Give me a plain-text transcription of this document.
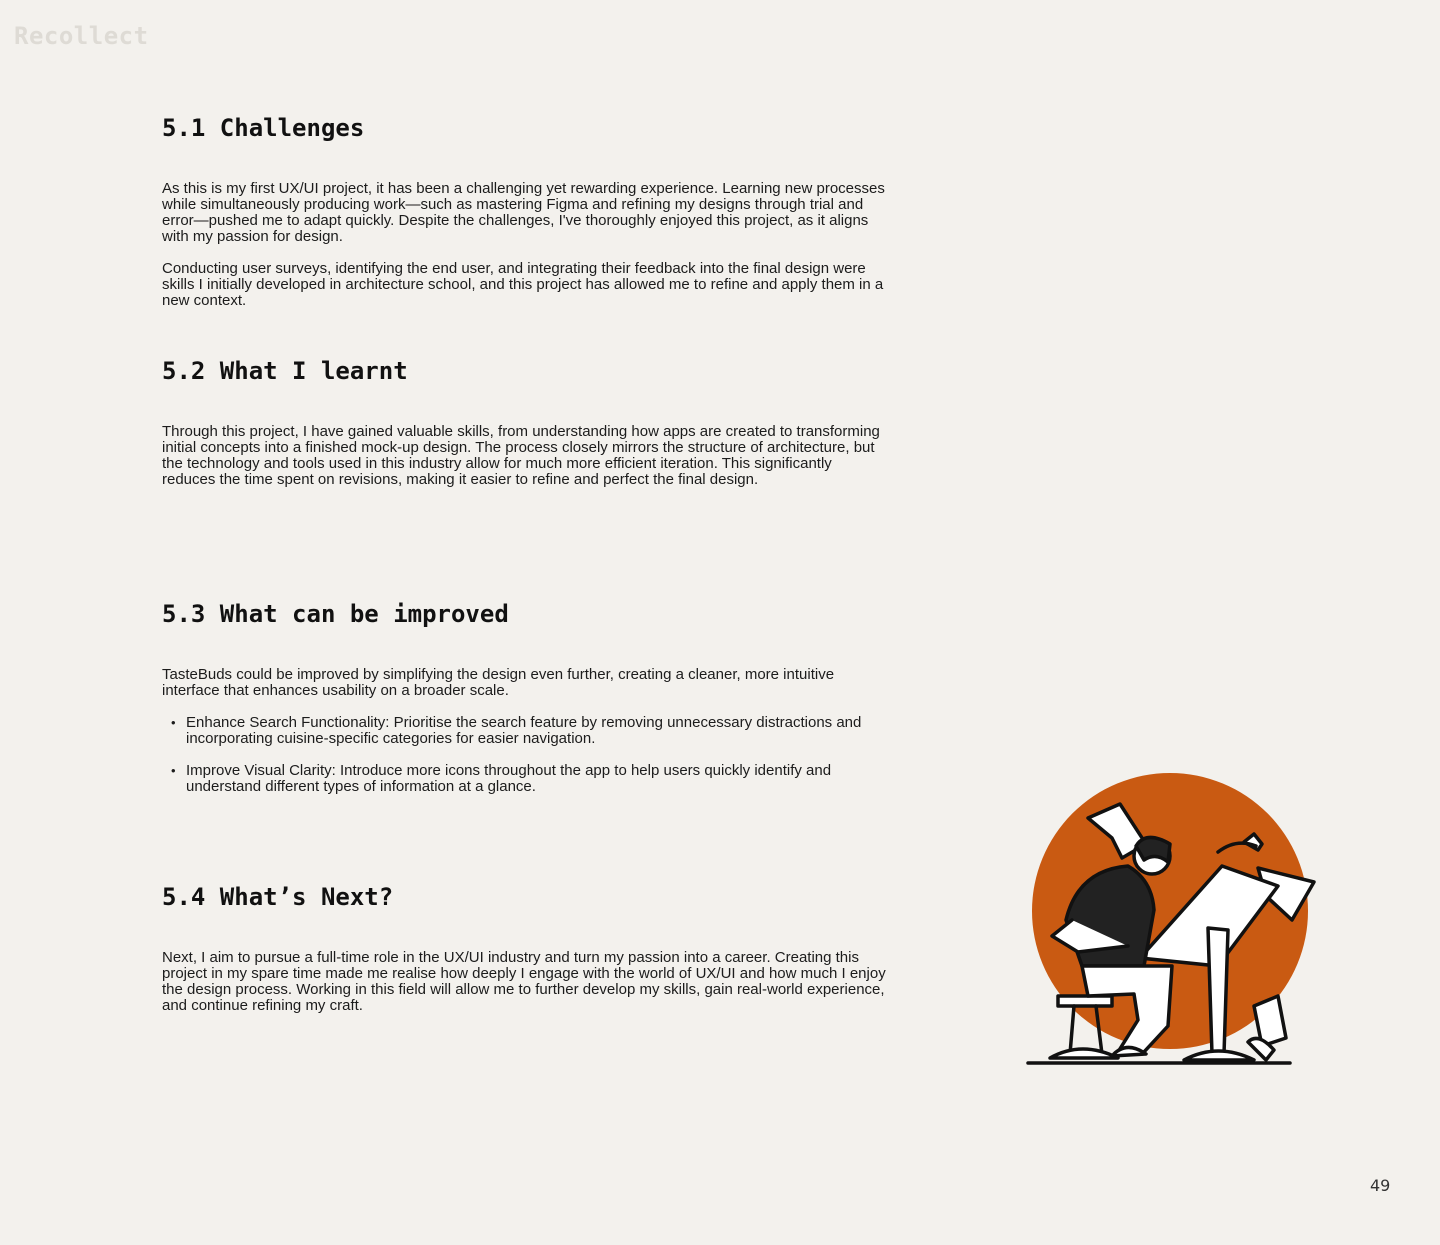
Recollect
5.1 Challenges

As this is my first UX/UI project, it has been a challenging yet rewarding experience. Learning new processes while simultaneously producing work—such as mastering Figma and refining my designs through trial and error—pushed me to adapt quickly. Despite the challenges, I've thoroughly enjoyed this project, as it aligns with my passion for design.

Conducting user surveys, identifying the end user, and integrating their feedback into the final design were skills I initially developed in architecture school, and this project has allowed me to refine and apply them in a new context.

5.2 What I learnt

Through this project, I have gained valuable skills, from understanding how apps are created to transforming initial concepts into a finished mock-up design. The process closely mirrors the structure of architecture, but the technology and tools used in this industry allow for much more efficient iteration. This significantly reduces the time spent on revisions, making it easier to refine and perfect the final design.

5.3 What can be improved

TasteBuds could be improved by simplifying the design even further, creating a cleaner, more intuitive interface that enhances usability on a broader scale.

• Enhance Search Functionality: Prioritise the search feature by removing unnecessary distractions and incorporating cuisine-specific categories for easier navigation.
• Improve Visual Clarity: Introduce more icons throughout the app to help users quickly identify and understand different types of information at a glance.
5.4 What’s Next?

Next, I aim to pursue a full-time role in the UX/UI industry and turn my passion into a career. Creating this project in my spare time made me realise how deeply I engage with the world of UX/UI and how much I enjoy the design process. Working in this field will allow me to further develop my skills, gain real-world experience, and continue refining my craft.

49
